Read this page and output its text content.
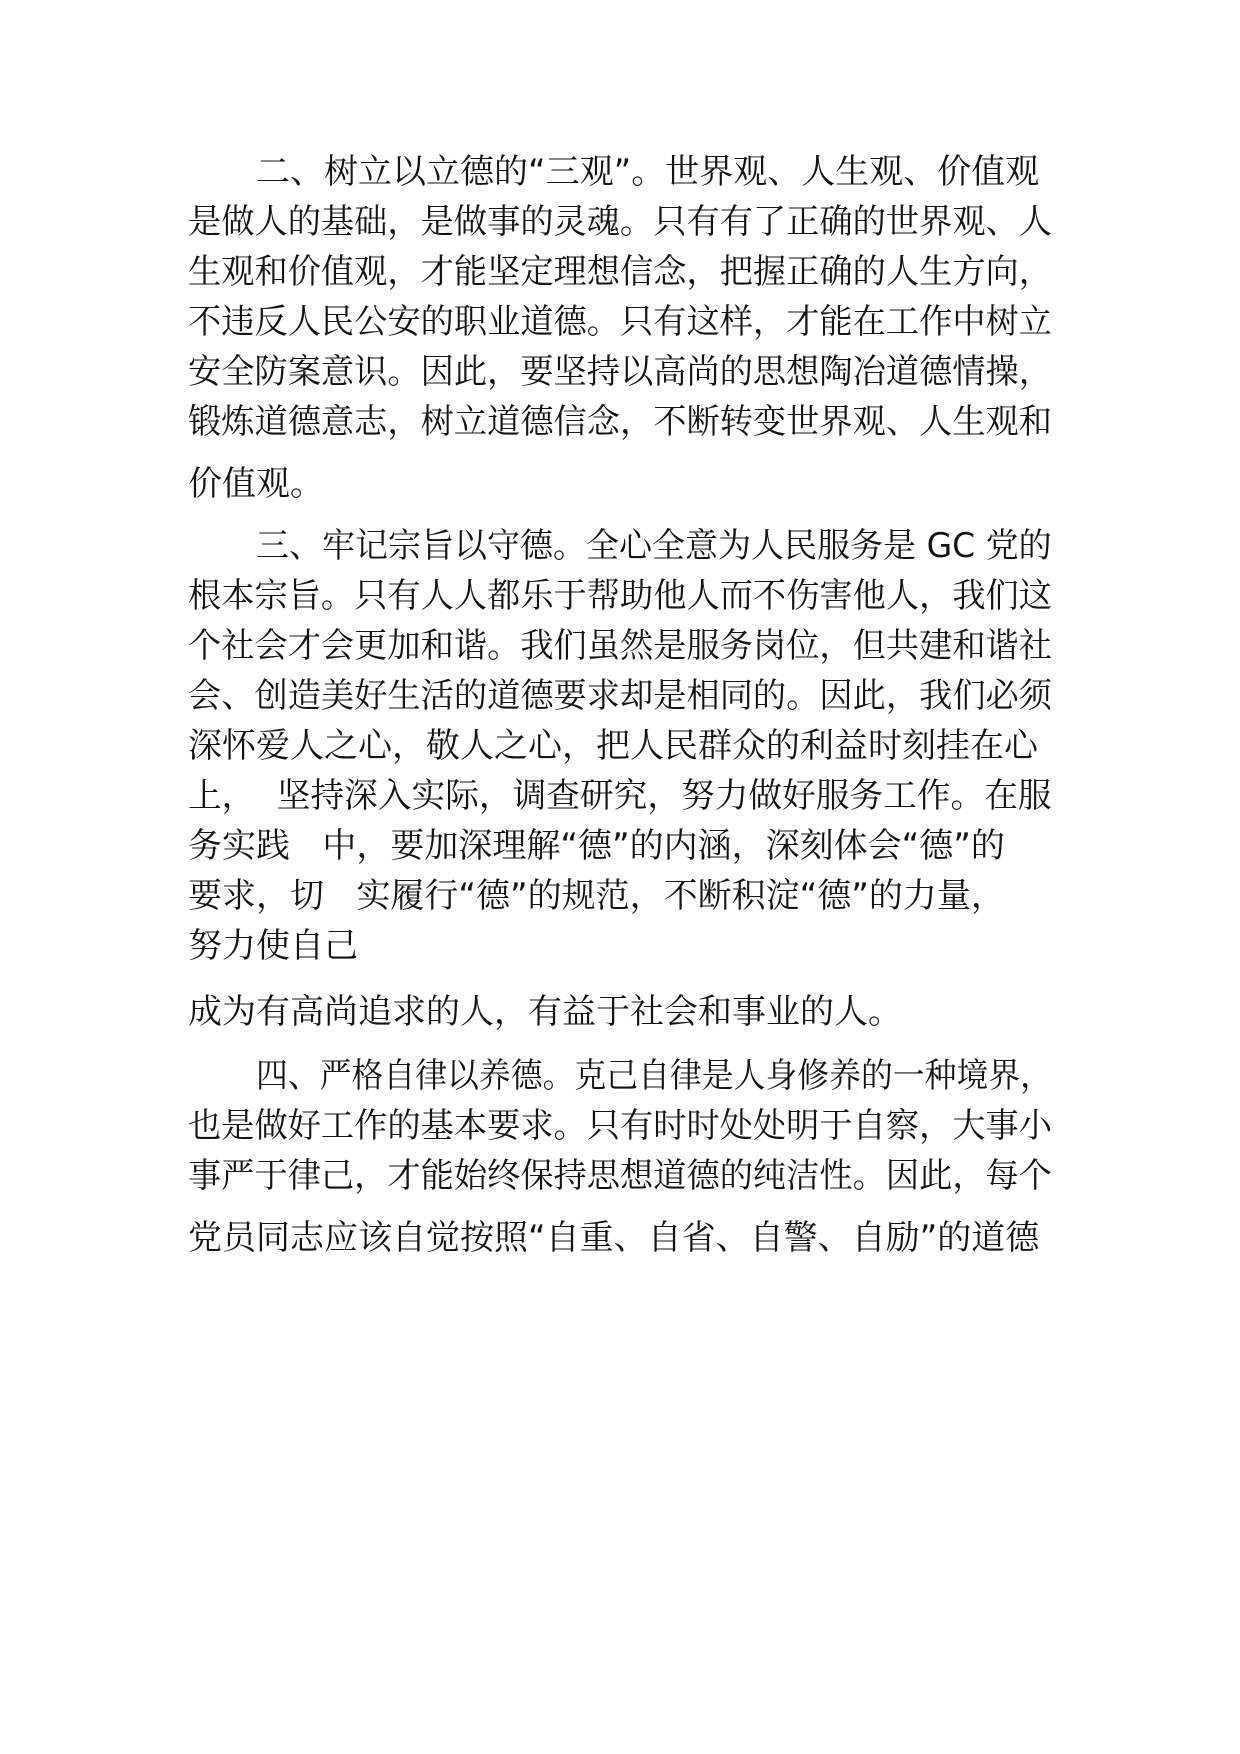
二、树立以立德的“三观”。世界观、人生观、价值观
是做人的基础，是做事的灵魂。只有有了正确的世界观、人
生观和价值观，才能坚定理想信念，把握正确的人生方向，
不违反人民公安的职业道德。只有这样，才能在工作中树立
安全防案意识。因此，要坚持以高尚的思想陶冶道德情操，
锻炼道德意志，树立道德信念，不断转变世界观、人生观和
价值观。
三、牢记宗旨以守德。全心全意为人民服务是 GC 党的
根本宗旨。只有人人都乐于帮助他人而不伤害他人，我们这
个社会才会更加和谐。我们虽然是服务岗位，但共建和谐社
会、创造美好生活的道德要求却是相同的。因此，我们必须
深怀爱人之心，敬人之心，把人民群众的利益时刻挂在心
上，  坚持深入实际，调查研究，努力做好服务工作。在服
务实践   中，要加深理解“德”的内涵，深刻体会“德”的
要求，切   实履行“德”的规范，不断积淀“德”的力量，
努力使自己
成为有高尚追求的人，有益于社会和事业的人。
四、严格自律以养德。克己自律是人身修养的一种境界，
也是做好工作的基本要求。只有时时处处明于自察，大事小
事严于律己，才能始终保持思想道德的纯洁性。因此，每个
党员同志应该自觉按照“自重、自省、自警、自励”的道德
